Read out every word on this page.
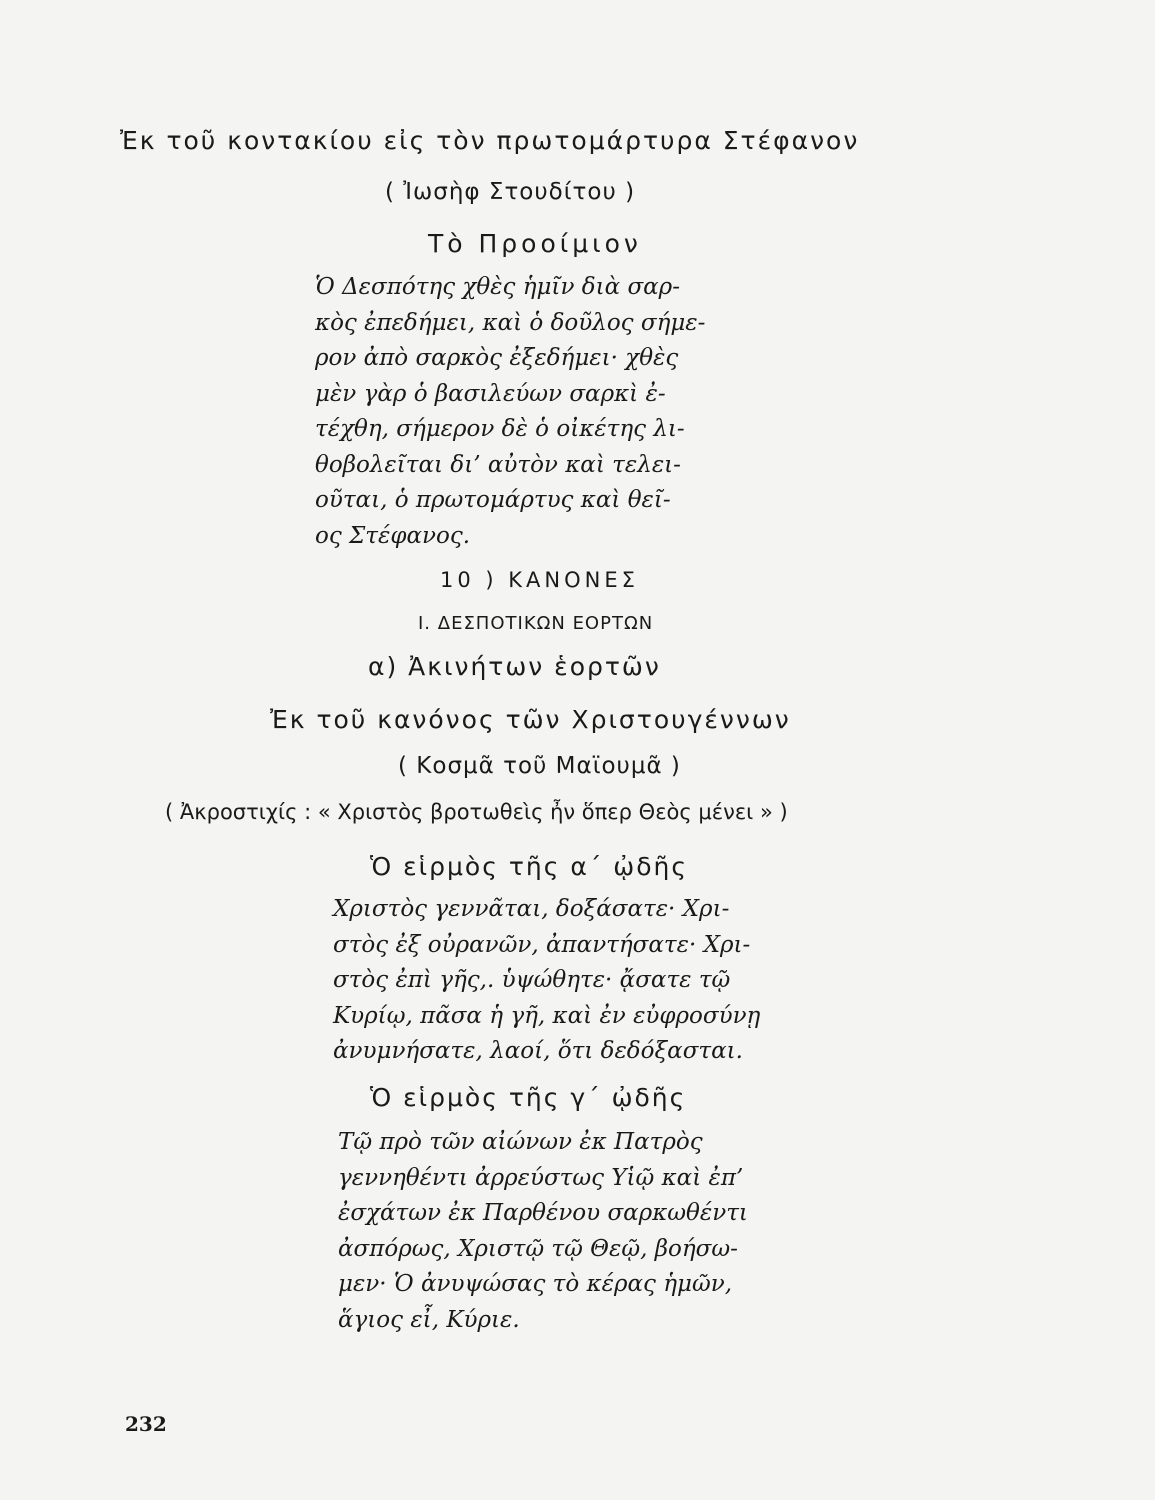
Ἐκ τοῦ κοντακίου εἰς τὸν πρωτομάρτυρα Στέφανον
( Ἰωσὴφ Στουδίτου )
Τὸ Προοίμιον
Ὁ Δεσπότης χθὲς ἡμῖν διὰ σαρ-
κὸς ἐπεδήμει, καὶ ὁ δοῦλος σήμε-
ρον ἀπὸ σαρκὸς ἐξεδήμει· χθὲς
μὲν γὰρ ὁ βασιλεύων σαρκὶ ἐ-
τέχθη, σήμερον δὲ ὁ οἰκέτης λι-
θοβολεῖται δι’ αὐτὸν καὶ τελει-
οῦται, ὁ πρωτομάρτυς καὶ θεῖ-
ος Στέφανος.
10 ) ΚΑΝΟΝΕΣ
I. ΔΕΣΠΟΤΙΚΩΝ ΕΟΡΤΩΝ
α) Ἀκινήτων ἑορτῶν
Ἐκ τοῦ κανόνος τῶν Χριστουγέννων
( Κοσμᾶ τοῦ Μαϊουμᾶ )
( Ἀκροστιχίς : « Χριστὸς βροτωθεὶς ἦν ὅπερ Θεὸς μένει » )
Ὁ εἱρμὸς τῆς α΄ ᾠδῆς
Χριστὸς γεννᾶται, δοξάσατε· Χρι-
στὸς ἐξ οὐρανῶν, ἀπαντήσατε· Χρι-
στὸς ἐπὶ γῆς,. ὑψώθητε· ᾄσατε τῷ
Κυρίῳ, πᾶσα ἡ γῆ, καὶ ἐν εὐφροσύνῃ
ἀνυμνήσατε, λαοί, ὅτι δεδόξασται.
Ὁ εἱρμὸς τῆς γ΄ ᾠδῆς
Τῷ πρὸ τῶν αἰώνων ἐκ Πατρὸς
γεννηθέντι ἀρρεύστως Υἱῷ καὶ ἐπ’
ἐσχάτων ἐκ Παρθένου σαρκωθέντι
ἀσπόρως, Χριστῷ τῷ Θεῷ, βοήσω-
μεν· Ὁ ἀνυψώσας τὸ κέρας ἡμῶν,
ἅγιος εἶ, Κύριε.
232
